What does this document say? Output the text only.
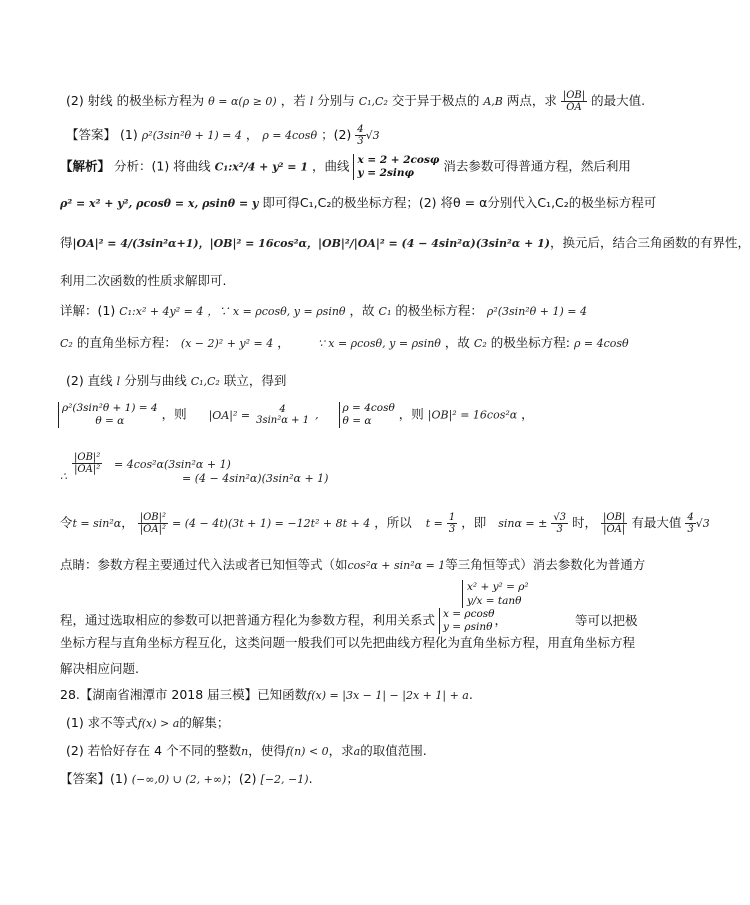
(2) 射线 的极坐标方程为 θ = α(ρ ≥ 0) ，若 l 分别与 C₁,C₂ 交于异于极点的 A,B 两点，求 $\frac{|OB|}{OA}$ 的最大值.
【答案】 (1) ρ²(3sin²θ + 1) = 4 ， ρ = 4cosθ ；$(2) \frac{4}{3} √3$
【解析】 分析：(1) 将曲线 C₁:x²/4 + y² = 1 ，曲线 x = 2 + 2cosφ
y = 2sinφ	消去参数可得普通方程，然后利用
ρ² = x² + y², ρcosθ = x, ρsinθ = y 即可得C₁,C₂的极坐标方程；(2) 将θ = α分别代入C₁,C₂的极坐标方程可
得|OA|² = 4/(3sin²α+1)，|OB|² = 16cos²α，|OB|²/|OA|² = (4 − 4sin²α)(3sin²α + 1)，换元后，结合三角函数的有界性，
利用二次函数的性质求解即可.
详解：(1) C₁:x² + 4y² = 4 ，∵ x = ρcosθ, y = ρsinθ ，故 C₁ 的极坐标方程： ρ²(3sin²θ + 1) = 4
C₂ 的直角坐标方程： (x − 2)² + y² = 4 ，	∵ x = ρcosθ, y = ρsinθ ，故 C₂ 的极坐标方程: ρ = 4cosθ
(2) 直线 l 分别与曲线 C₁,C₂ 联立，得到
ρ²(3sin²θ + 1) = 4
θ = α	，则 |OA|² =	4
3sin²α + 1 ,
ρ = 4cosθ
θ = α	，则 |OB|² = 16cos²α ，
∴
$\frac{\text{|OB|²}}{\text{|OA|²}} = 4\cos^2\alpha(3\sin^2\alpha + 1)$
= (4 − 4sin²α)(3sin²α + 1)
令t = sin²α， $\frac{\text{|OB|²}}{\text{|OA|²}} = (4 - 4t)(3t + 1) = -12t^2 + 8t + 4$ ，所以 $t = \frac{1}{3}$ ，即 sinα = ± $\frac{√3}{3}$ 时， $\frac{|OB|}{|OA|}$ 有最大值 $\frac{4}{3} √3$
点睛：参数方程主要通过代入法或者已知恒等式（如cos²α + sin²α = 1等三角恒等式）消去参数化为普通方
x² + y² = ρ²
y/x = tanθ
程，通过选取相应的参数可以把普通方程化为参数方程，利用关系式 x = ρcosθ
y = ρsinθ ，	等可以把极
坐标方程与直角坐标方程互化，这类问题一般我们可以先把曲线方程化为直角坐标方程，用直角坐标方程
解决相应问题.
28.【湖南省湘潭市 2018 届三模】已知函数f(x) = |3x − 1| − |2x + 1| + a.
(1) 求不等式f(x) > a的解集；
(2) 若恰好存在 4 个不同的整数n，使得f(n) < 0，求a的取值范围.
【答案】(1) (−∞,0) ∪ (2, +∞)；(2) [−2, −1).
